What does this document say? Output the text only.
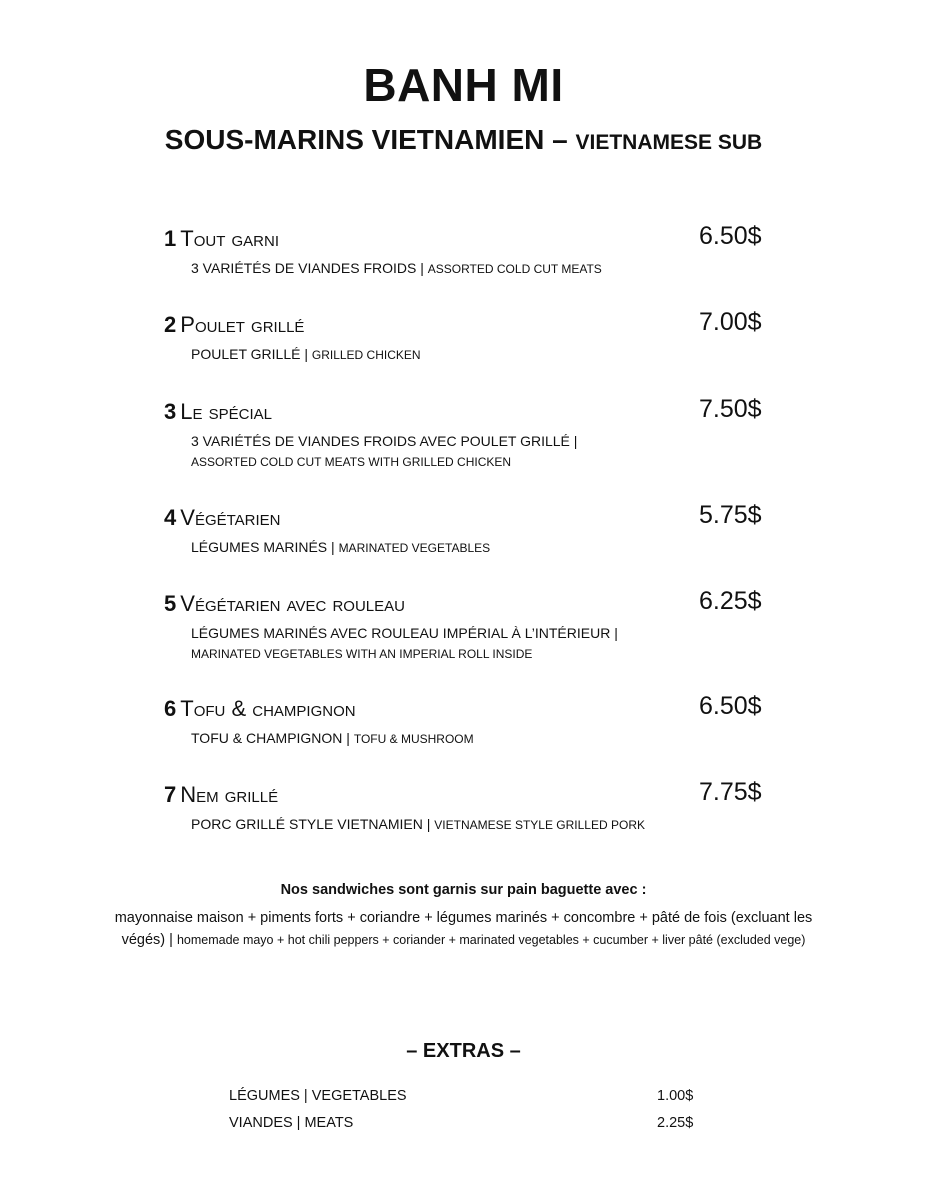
BANH MI
SOUS-MARINS VIETNAMIEN – VIETNAMESE SUB
1 Tout garni	6.50$
3 VARIÉTÉS DE VIANDES FROIDS | ASSORTED COLD CUT MEATS
2 Poulet grillé	7.00$
POULET GRILLÉ | GRILLED CHICKEN
3 Le spécial	7.50$
3 VARIÉTÉS DE VIANDES FROIDS AVEC POULET GRILLÉ |
ASSORTED COLD CUT MEATS WITH GRILLED CHICKEN
4 Végétarien	5.75$
LÉGUMES MARINÉS | MARINATED VEGETABLES
5 Végétarien avec rouleau	6.25$
LÉGUMES MARINÉS AVEC ROULEAU IMPÉRIAL À L’INTÉRIEUR |
MARINATED VEGETABLES WITH AN IMPERIAL ROLL INSIDE
6 Tofu & champignon	6.50$
TOFU & CHAMPIGNON | TOFU & MUSHROOM
7 Nem grillé	7.75$
PORC GRILLÉ STYLE VIETNAMIEN | VIETNAMESE STYLE GRILLED PORK
Nos sandwiches sont garnis sur pain baguette avec :
mayonnaise maison + piments forts + coriandre + légumes marinés + concombre + pâté de fois (excluant les végés) | homemade mayo + hot chili peppers + coriander + marinated vegetables + cucumber + liver pâté (excluded vege)
– EXTRAS –
LÉGUMES | VEGETABLES	1.00$
VIANDES | MEATS	2.25$
